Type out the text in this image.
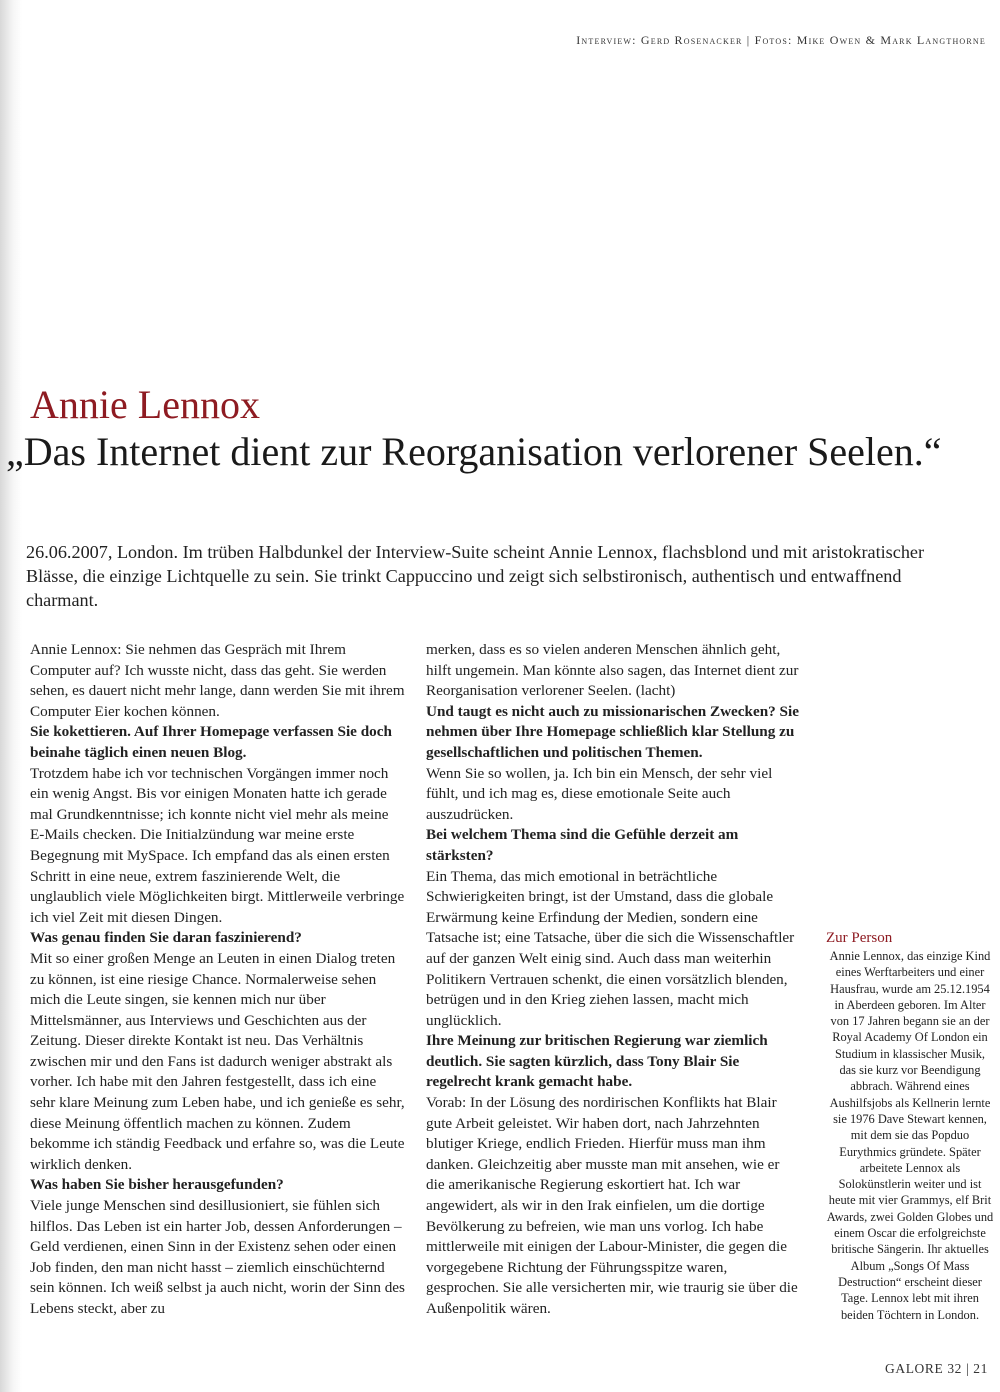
Interview: Gerd Rosenacker | Fotos: Mike Owen & Mark Langthorne
Annie Lennox
„Das Internet dient zur Reorganisation verlorener Seelen.“

26.06.2007, London. Im trüben Halbdunkel der Interview-Suite scheint Annie Lennox, flachsblond und mit aristokratischer Blässe, die einzige Lichtquelle zu sein. Sie trinkt Cappuccino und zeigt sich selbstironisch, authentisch und entwaffnend charmant.

Annie Lennox: Sie nehmen das Gespräch mit Ihrem Computer auf? Ich wusste nicht, dass das geht. Sie werden sehen, es dauert nicht mehr lange, dann werden Sie mit ihrem Computer Eier kochen können.

Sie kokettieren. Auf Ihrer Homepage verfassen Sie doch beinahe täglich einen neuen Blog.

Trotzdem habe ich vor technischen Vorgängen immer noch ein wenig Angst. Bis vor einigen Monaten hatte ich gerade mal Grundkenntnisse; ich konnte nicht viel mehr als meine E-Mails checken. Die Initialzündung war meine erste Begegnung mit MySpace. Ich empfand das als einen ersten Schritt in eine neue, extrem faszinierende Welt, die unglaublich viele Möglichkeiten birgt. Mittlerweile verbringe ich viel Zeit mit diesen Dingen.

Was genau finden Sie daran faszinierend?

Mit so einer großen Menge an Leuten in einen Dialog treten zu können, ist eine riesige Chance. Normalerweise sehen mich die Leute singen, sie kennen mich nur über Mittelsmänner, aus Interviews und Geschichten aus der Zeitung. Dieser direkte Kontakt ist neu. Das Verhältnis zwischen mir und den Fans ist dadurch weniger abstrakt als vorher. Ich habe mit den Jahren festgestellt, dass ich eine sehr klare Meinung zum Leben habe, und ich genieße es sehr, diese Meinung öffentlich machen zu können. Zudem bekomme ich ständig Feedback und erfahre so, was die Leute wirklich denken.

Was haben Sie bisher herausgefunden?

Viele junge Menschen sind desillusioniert, sie fühlen sich hilflos. Das Leben ist ein harter Job, dessen Anforderungen – Geld verdienen, einen Sinn in der Existenz sehen oder einen Job finden, den man nicht hasst – ziemlich einschüchternd sein können. Ich weiß selbst ja auch nicht, worin der Sinn des Lebens steckt, aber zu

merken, dass es so vielen anderen Menschen ähnlich geht, hilft ungemein. Man könnte also sagen, das Internet dient zur Reorganisation verlorener Seelen. (lacht)

Und taugt es nicht auch zu missionarischen Zwecken? Sie nehmen über Ihre Homepage schließlich klar Stellung zu gesellschaftlichen und politischen Themen.

Wenn Sie so wollen, ja. Ich bin ein Mensch, der sehr viel fühlt, und ich mag es, diese emotionale Seite auch auszudrücken.

Bei welchem Thema sind die Gefühle derzeit am stärksten?

Ein Thema, das mich emotional in beträchtliche Schwierigkeiten bringt, ist der Umstand, dass die globale Erwärmung keine Erfindung der Medien, sondern eine Tatsache ist; eine Tatsache, über die sich die Wissenschaftler auf der ganzen Welt einig sind. Auch dass man weiterhin Politikern Vertrauen schenkt, die einen vorsätzlich blenden, betrügen und in den Krieg ziehen lassen, macht mich unglücklich.

Ihre Meinung zur britischen Regierung war ziemlich deutlich. Sie sagten kürzlich, dass Tony Blair Sie regelrecht krank gemacht habe.

Vorab: In der Lösung des nordirischen Konflikts hat Blair gute Arbeit geleistet. Wir haben dort, nach Jahrzehnten blutiger Kriege, endlich Frieden. Hierfür muss man ihm danken. Gleichzeitig aber musste man mit ansehen, wie er die amerikanische Regierung eskortiert hat. Ich war angewidert, als wir in den Irak einfielen, um die dortige Bevölkerung zu befreien, wie man uns vorlog. Ich habe mittlerweile mit einigen der Labour-Minister, die gegen die vorgegebene Richtung der Führungsspitze waren, gesprochen. Sie alle versicherten mir, wie traurig sie über die Außenpolitik wären.

Zur Person

Annie Lennox, das einzige Kind eines Werftarbeiters und einer Hausfrau, wurde am 25.12.1954 in Aberdeen geboren. Im Alter von 17 Jahren begann sie an der Royal Academy Of London ein Studium in klassischer Musik, das sie kurz vor Beendigung abbrach. Während eines Aushilfsjobs als Kellnerin lernte sie 1976 Dave Stewart kennen, mit dem sie das Popduo Eurythmics gründete. Später arbeitete Lennox als Solokünstlerin weiter und ist heute mit vier Grammys, elf Brit Awards, zwei Golden Globes und einem Oscar die erfolgreichste britische Sängerin. Ihr aktuelles Album „Songs Of Mass Destruction“ erscheint dieser Tage. Lennox lebt mit ihren beiden Töchtern in London.

GALORE 32 | 21
